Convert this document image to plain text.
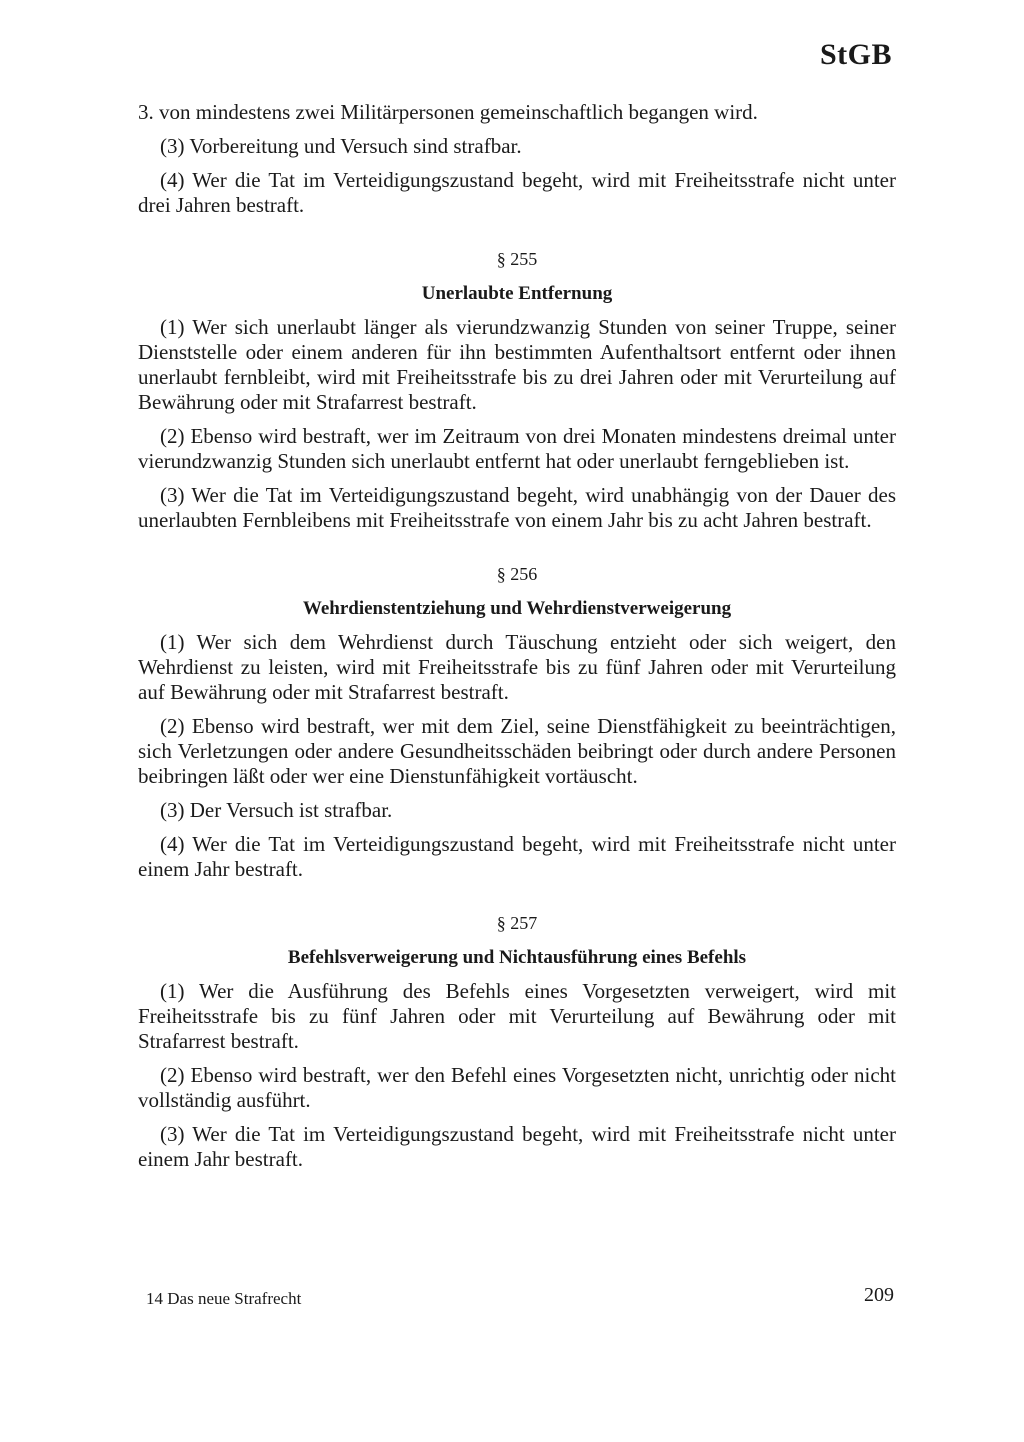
StGB

3. von mindestens zwei Militärpersonen gemeinschaftlich begangen wird.

(3) Vorbereitung und Versuch sind strafbar.

(4) Wer die Tat im Verteidigungszustand begeht, wird mit Freiheitsstrafe nicht unter drei Jahren bestraft.

§ 255
Unerlaubte Entfernung

(1) Wer sich unerlaubt länger als vierundzwanzig Stunden von seiner Truppe, seiner Dienststelle oder einem anderen für ihn bestimmten Aufenthaltsort entfernt oder ihnen unerlaubt fernbleibt, wird mit Freiheitsstrafe bis zu drei Jahren oder mit Verurteilung auf Bewährung oder mit Strafarrest bestraft.

(2) Ebenso wird bestraft, wer im Zeitraum von drei Monaten mindestens dreimal unter vierundzwanzig Stunden sich unerlaubt entfernt hat oder unerlaubt ferngeblieben ist.

(3) Wer die Tat im Verteidigungszustand begeht, wird unabhängig von der Dauer des unerlaubten Fernbleibens mit Freiheitsstrafe von einem Jahr bis zu acht Jahren bestraft.

§ 256
Wehrdienstentziehung und Wehrdienstverweigerung

(1) Wer sich dem Wehrdienst durch Täuschung entzieht oder sich weigert, den Wehrdienst zu leisten, wird mit Freiheitsstrafe bis zu fünf Jahren oder mit Verurteilung auf Bewährung oder mit Strafarrest bestraft.

(2) Ebenso wird bestraft, wer mit dem Ziel, seine Dienstfähigkeit zu beeinträchtigen, sich Verletzungen oder andere Gesundheitsschäden beibringt oder durch andere Personen beibringen läßt oder wer eine Dienstunfähigkeit vortäuscht.

(3) Der Versuch ist strafbar.

(4) Wer die Tat im Verteidigungszustand begeht, wird mit Freiheitsstrafe nicht unter einem Jahr bestraft.

§ 257
Befehlsverweigerung und Nichtausführung eines Befehls

(1) Wer die Ausführung des Befehls eines Vorgesetzten verweigert, wird mit Freiheitsstrafe bis zu fünf Jahren oder mit Verurteilung auf Bewährung oder mit Strafarrest bestraft.

(2) Ebenso wird bestraft, wer den Befehl eines Vorgesetzten nicht, unrichtig oder nicht vollständig ausführt.

(3) Wer die Tat im Verteidigungszustand begeht, wird mit Freiheitsstrafe nicht unter einem Jahr bestraft.

14 Das neue Strafrecht	209
